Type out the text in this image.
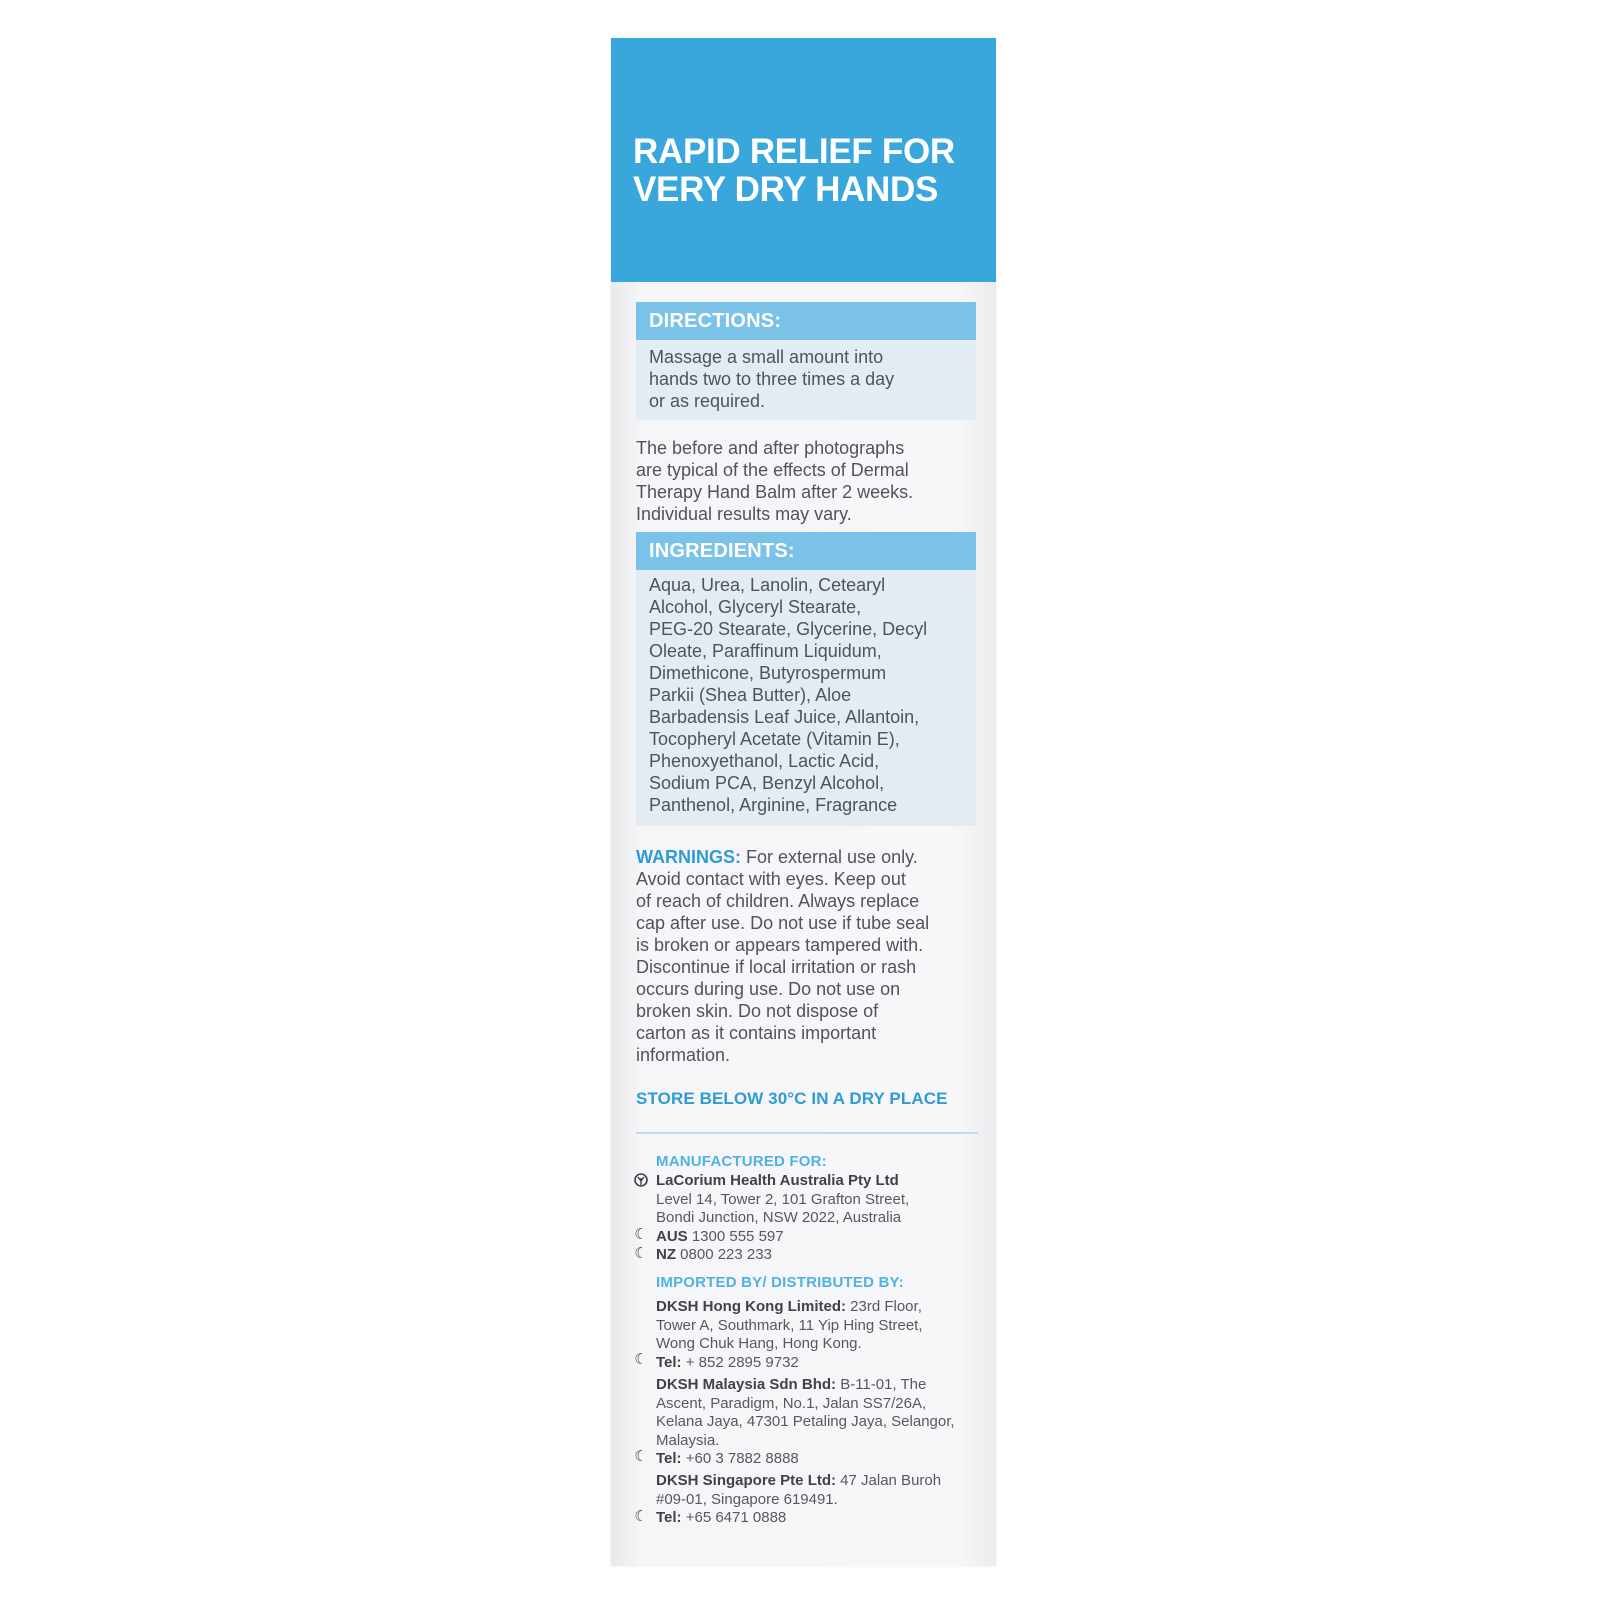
RAPID RELIEF FOR
VERY DRY HANDS
DIRECTIONS:
Massage a small amount into
hands two to three times a day
or as required.
The before and after photographs
are typical of the effects of Dermal
Therapy Hand Balm after 2 weeks.
Individual results may vary.
INGREDIENTS:
Aqua, Urea, Lanolin, Cetearyl
Alcohol, Glyceryl Stearate,
PEG-20 Stearate, Glycerine, Decyl
Oleate, Paraffinum Liquidum,
Dimethicone, Butyrospermum
Parkii (Shea Butter), Aloe
Barbadensis Leaf Juice, Allantoin,
Tocopheryl Acetate (Vitamin E),
Phenoxyethanol, Lactic Acid,
Sodium PCA, Benzyl Alcohol,
Panthenol, Arginine, Fragrance
WARNINGS: For external use only.
Avoid contact with eyes. Keep out
of reach of children. Always replace
cap after use. Do not use if tube seal
is broken or appears tampered with.
Discontinue if local irritation or rash
occurs during use. Do not use on
broken skin. Do not dispose of
carton as it contains important
information.
STORE BELOW 30°C IN A DRY PLACE
MANUFACTURED FOR:
LaCorium Health Australia Pty Ltd
Level 14, Tower 2, 101 Grafton Street,
Bondi Junction, NSW 2022, Australia
AUS 1300 555 597
NZ 0800 223 233
☾
☾
IMPORTED BY/ DISTRIBUTED BY:
DKSH Hong Kong Limited: 23rd Floor,
Tower A, Southmark, 11 Yip Hing Street,
Wong Chuk Hang, Hong Kong.
Tel: + 852 2895 9732
☾
DKSH Malaysia Sdn Bhd: B-11-01, The
Ascent, Paradigm, No.1, Jalan SS7/26A,
Kelana Jaya, 47301 Petaling Jaya, Selangor,
Malaysia.
Tel: +60 3 7882 8888
☾
DKSH Singapore Pte Ltd: 47 Jalan Buroh
#09-01, Singapore 619491.
Tel: +65 6471 0888
☾
